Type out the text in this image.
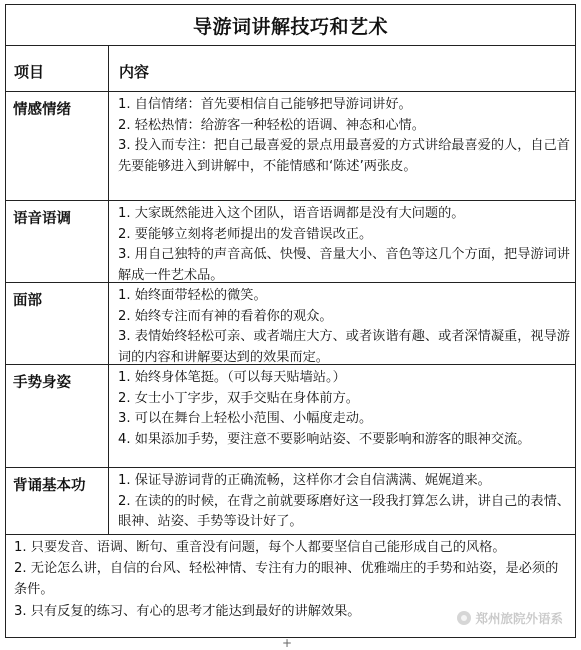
导游词讲解技巧和艺术
项目	内容
情感情绪	1. 自信情绪：首先要相信自己能够把导游词讲好。

2. 轻松热情：给游客一种轻松的语调、神态和心情。

3. 投入而专注：把自己最喜爱的景点用最喜爱的方式讲给最喜爱的人，自己首先要能够进入到讲解中，不能情感和‘陈述’两张皮。

语音语调	1. 大家既然能进入这个团队，语音语调都是没有大问题的。

2. 要能够立刻将老师提出的发音错误改正。

3. 用自己独特的声音高低、快慢、音量大小、音色等这几个方面，把导游词讲解成一件艺术品。

面部	1. 始终面带轻松的微笑。

2. 始终专注而有神的看着你的观众。

3. 表情始终轻松可亲、或者端庄大方、或者诙谐有趣、或者深情凝重，视导游词的内容和讲解要达到的效果而定。

手势身姿	1. 始终身体笔挺。（可以每天贴墙站。）

2. 女士小丁字步，双手交贴在身体前方。

3. 可以在舞台上轻松小范围、小幅度走动。

4. 如果添加手势，要注意不要影响站姿、不要影响和游客的眼神交流。

背诵基本功	1. 保证导游词背的正确流畅，这样你才会自信满满、娓娓道来。

2. 在读的的时候，在背之前就要琢磨好这一段我打算怎么讲，讲自己的表情、眼神、站姿、手势等设计好了。

1. 只要发音、语调、断句、重音没有问题，每个人都要坚信自己能形成自己的风格。

2. 无论怎么讲，自信的台风、轻松神情、专注有力的眼神、优雅端庄的手势和站姿，是必须的条件。

3. 只有反复的练习、有心的思考才能达到最好的讲解效果。	郑州旅院外语系
+
